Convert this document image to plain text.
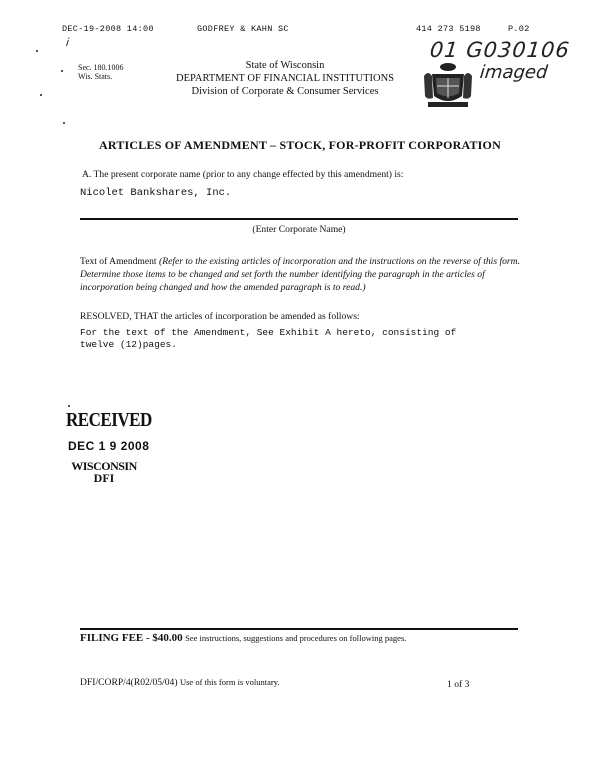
DEC-19-2008 14:00	GODFREY & KAHN SC	414 273 5198	P.02
i	01 G030106
imaged
Sec. 180.1006
Wis. Stats.
State of Wisconsin
DEPARTMENT OF FINANCIAL INSTITUTIONS
Division of Corporate & Consumer Services
ARTICLES OF AMENDMENT – STOCK, FOR-PROFIT CORPORATION
A. The present corporate name (prior to any change effected by this amendment) is:
Nicolet Bankshares, Inc.
(Enter Corporate Name)
Text of Amendment (Refer to the existing articles of incorporation and the instructions on the reverse of this form. Determine those items to be changed and set forth the number identifying the paragraph in the articles of incorporation being changed and how the amended paragraph is to read.)
RESOLVED, THAT the articles of incorporation be amended as follows:
For the text of the Amendment, See Exhibit A hereto, consisting of
twelve (12)pages.
RECEIVED
DEC 1 9 2008
WISCONSIN
DFI
FILING FEE - $40.00 See instructions, suggestions and procedures on following pages.
DFI/CORP/4(R02/05/04) Use of this form is voluntary.	1 of 3
